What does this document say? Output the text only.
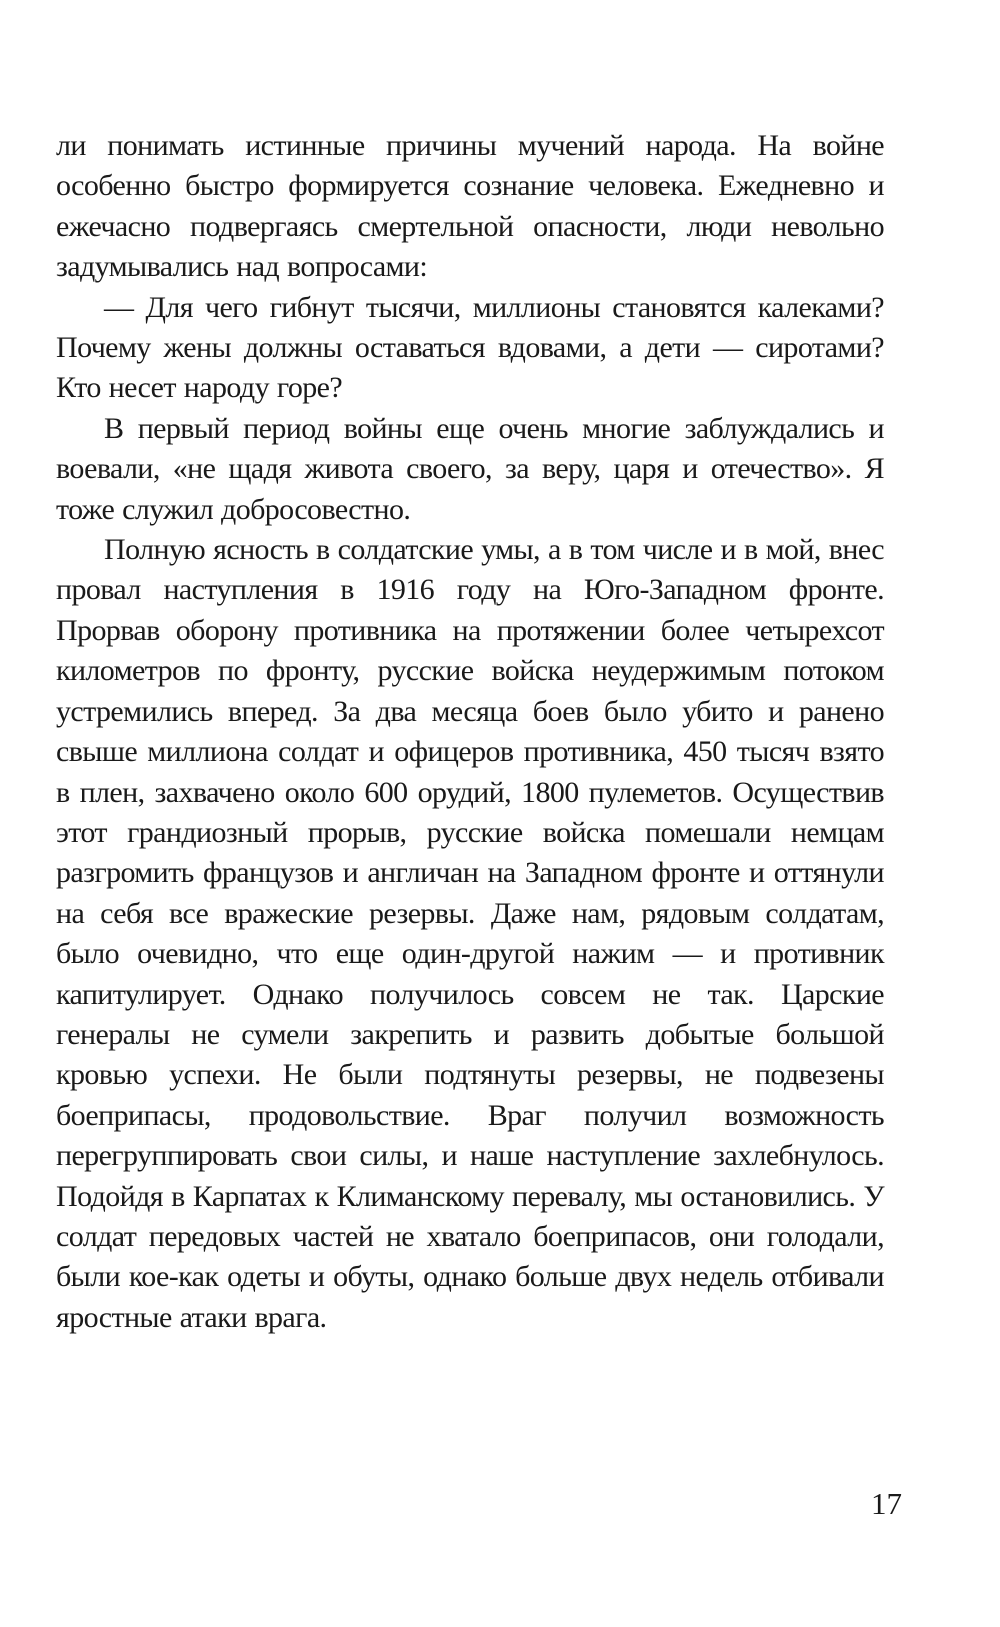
ли понимать истинные причины мучений народа. На войне особенно быстро формируется сознание человека. Ежедневно и ежечасно подвергаясь смертельной опасности, люди невольно задумывались над вопросами:

— Для чего гибнут тысячи, миллионы становятся калеками? Почему жены должны оставаться вдовами, а дети — сиротами? Кто несет народу горе?

В первый период войны еще очень многие заблуждались и воевали, «не щадя живота своего, за веру, царя и отечество». Я тоже служил добросовестно.

Полную ясность в солдатские умы, а в том числе и в мой, внес провал наступления в 1916 году на Юго-Западном фронте. Прорвав оборону противника на протяжении более четырехсот километров по фронту, русские войска неудержимым потоком устремились вперед. За два месяца боев было убито и ранено свыше миллиона солдат и офицеров противника, 450 тысяч взято в плен, захвачено около 600 орудий, 1800 пулеметов. Осуществив этот грандиозный прорыв, русские войска помешали немцам разгромить французов и англичан на Западном фронте и оттянули на себя все вражеские резервы. Даже нам, рядовым солдатам, было очевидно, что еще один-другой нажим — и противник капитулирует. Однако получилось совсем не так. Царские генералы не сумели закрепить и развить добытые большой кровью успехи. Не были подтянуты резервы, не подвезены боеприпасы, продовольствие. Враг получил возможность перегруппировать свои силы, и наше наступление захлебнулось. Подойдя в Карпатах к Климанскому перевалу, мы остановились. У солдат передовых частей не хватало боеприпасов, они голодали, были кое-как одеты и обуты, однако больше двух недель отбивали яростные атаки врага.

17
